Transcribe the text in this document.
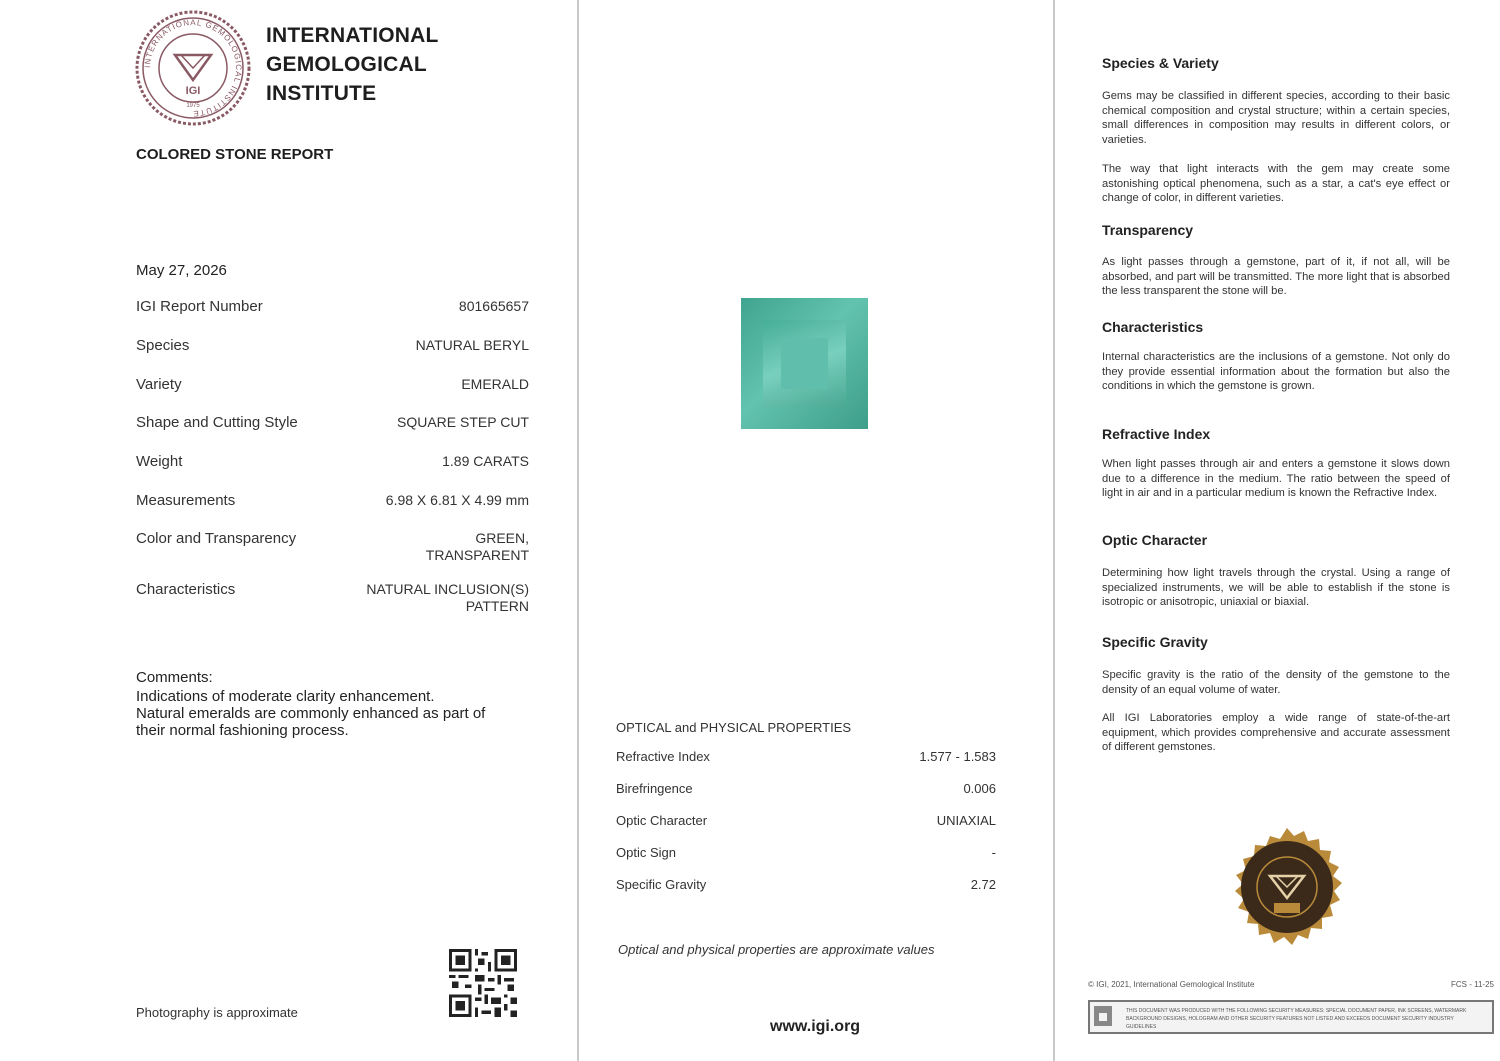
INTERNATIONAL GEMOLOGICAL INSTITUTE
IGI
1975
INTERNATIONAL
GEMOLOGICAL
INSTITUTE
COLORED STONE REPORT
May 27, 2026
IGI Report Number	801665657
Species	NATURAL BERYL
Variety	EMERALD
Shape and Cutting Style	SQUARE STEP CUT
Weight	1.89 CARATS
Measurements	6.98 X 6.81 X 4.99 mm
Color and Transparency	GREEN,
TRANSPARENT
Characteristics	NATURAL INCLUSION(S)
PATTERN
Comments:
Indications of moderate clarity enhancement.
Natural emeralds are commonly enhanced as part of
their normal fashioning process.
Photography is approximate
OPTICAL and PHYSICAL PROPERTIES
Refractive Index	1.577 - 1.583
Birefringence	0.006
Optic Character	UNIAXIAL
Optic Sign	-
Specific Gravity	2.72
Optical and physical properties are approximate values
www.igi.org
Species & Variety
Gems may be classified in different species, according to their basic chemical composition and crystal structure; within a certain species, small differences in composition may results in different colors, or varieties.
The way that light interacts with the gem may create some astonishing optical phenomena, such as a star, a cat's eye effect or change of color, in different varieties.
Transparency
As light passes through a gemstone, part of it, if not all, will be absorbed, and part will be transmitted. The more light that is absorbed the less transparent the stone will be.
Characteristics
Internal characteristics are the inclusions of a gemstone. Not only do they provide essential information about the formation but also the conditions in which the gemstone is grown.
Refractive Index
When light passes through air and enters a gemstone it slows down due to a difference in the medium. The ratio between the speed of light in air and in a particular medium is known the Refractive Index.
Optic Character
Determining how light travels through the crystal. Using a range of specialized instruments, we will be able to establish if the stone is isotropic or anisotropic, uniaxial or biaxial.
Specific Gravity
Specific gravity is the ratio of the density of the gemstone to the density of an equal volume of water.
All IGI Laboratories employ a wide range of state-of-the-art equipment, which provides comprehensive and accurate assessment of different gemstones.
© IGI, 2021, International Gemological Institute	FCS - 11-25
THIS DOCUMENT WAS PRODUCED WITH THE FOLLOWING SECURITY MEASURES: SPECIAL DOCUMENT PAPER, INK SCREENS, WATERMARK BACKGROUND DESIGNS, HOLOGRAM AND OTHER SECURITY FEATURES NOT LISTED AND EXCEEDS DOCUMENT SECURITY INDUSTRY GUIDELINES
